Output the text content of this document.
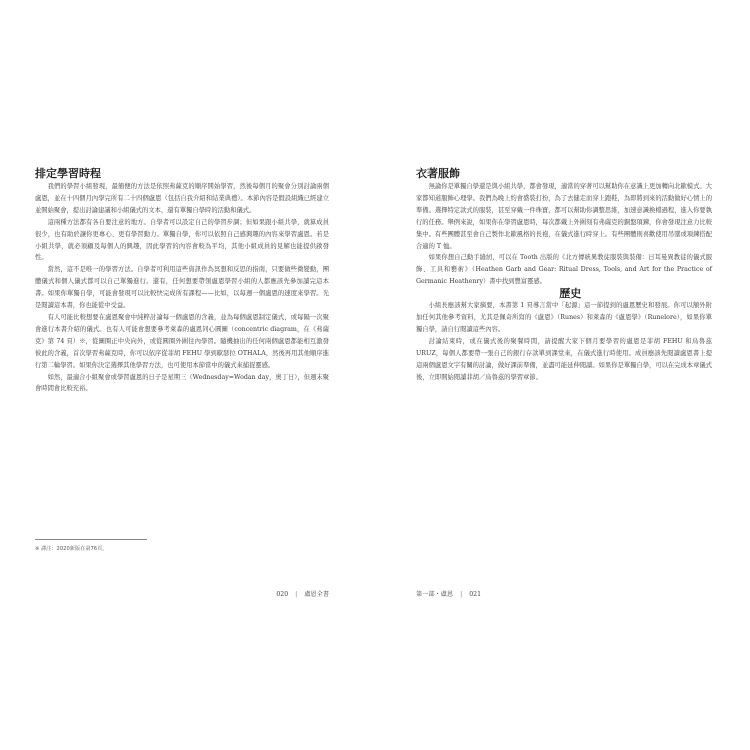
排定學習時程

我們的學習小組發現，最簡便的方法是依照弗薩克的順序開始學習，然後每個月的聚會分別討論兩個盧恩，並在十四個月內學完所有二十四個盧恩（包括自我介紹和結業典禮）。本節內容是假設組織已經建立並開始聚會，提出討論建議和小組儀式的文本，還有單獨自學時的活動和儀式。

這兩種方法都有各自要注意的地方。自學者可以設定自己的學習步調；但如果跟小組共學，就算成員很少，也有助於讓你更專心、更有學習動力。單獨自學，你可以依照自己感興趣的內容來學習盧恩。若是小組共學，就必須顧及每個人的興趣，因此學習的內容會較為平均，其他小組成員的見解也能提供啟發性。

當然，這不是唯一的學習方法。自學者可利用這些資訊作為冥想和反思的指南，只要做些微變動，團體儀式和個人儀式都可以自己單獨進行。還有，任何想要帶領盧恩學習小組的人都應該先參加讀完這本書。如果你單獨自學，可能會發現可以比較快完成所有課程——比如，以每週一個盧恩的速度來學習。光是閱讀這本書，你也能從中受益。

有人可能比較想要在盧恩聚會中純粹討論每一個盧恩的含義，並為每個盧恩制定儀式，或每隔一次聚會進行本書介紹的儀式。也有人可能會想要參考萊森的盧恩同心圓圖（concentric diagram，在《弗薩克》第 74 頁）※，從圖圈正中央向外，或從圓圈外圍往內學習。隨機抽出的任何兩個盧恩都能相互激發彼此的含義，首次學習弗薩克時，你可以依序從菲胡 FEHU 學到歐瑟拉 OTHALA，然後再用其他順序進行第二輪學習。如果你決定選擇其他學習方法，也可使用本節當中的儀式來捕捉靈感。

如然，最適合小組聚會或學習盧恩的日子是星期三（Wednesday=Wodan day，奧丁日），但週末聚會時間會比較充裕。

※ 譯注：2020新版在第76頁。
020 | 盧恩全書
衣著服飾

無論你是單獨自學還是與小組共學，都會發現，適當的穿著可以幫助你在意識上更加轉向北歐模式。大家都知道服飾心理學。我們為晚上約會盛裝打扮，為了去健走而穿上跑鞋，為即將到來的活動做好心情上的準備。選擇特定款式的服裝，甚至穿戴一件珠寶，都可以幫助你調整思維，加速意識換檔過程，進入你要執行的任務。舉例來說，如果你在學習盧恩時，每次都戴上外圍刻有弗薩克的銅盤項鍊，你會發現注意力比較集中。有些團體甚至會自己製作北歐風格的長袍，在儀式進行時穿上。有些團體則喜歡使用吊墜或項鍊搭配合適的 T 恤。

如果你想自己動手縫紉，可以在 Tooth 出版的《北方傳統異教徒服裝與裝備：日耳曼異教徒的儀式服飾、工具和藝術》（Heathen Garb and Gear: Ritual Dress, Tools, and Art for the Practice of Germanic Heathenry）書中找到豐富靈感。

歷史

小組長應該幫大家摘要，本書第 1 頁導言當中「起源」這一節提到的盧恩歷史和發展。你可以額外附加任何其他參考資料，尤其是佩奇所寫的《盧恩》（Runes）和萊森的《盧恩學》（Runelore），如果你單獨自學，請自行閱讀這些內容。

討論結束時，或在儀式後的聚餐時間，請提醒大家下個月要學習的盧恩是菲胡 FEHU 和烏魯茲 URUZ，每個人都要帶一張自己的銀行存款單到課堂來，在儀式進行時使用。成員應該先閱讀盧恩書上提這兩個盧恩文字有關的討論，做好課前準備，並盡可能延伸閱讀。如果你是單獨自學，可以在完成本章儀式後，立即開始閱讀菲胡／烏魯茲的學習章節。

第一部・盧恩 | 021
